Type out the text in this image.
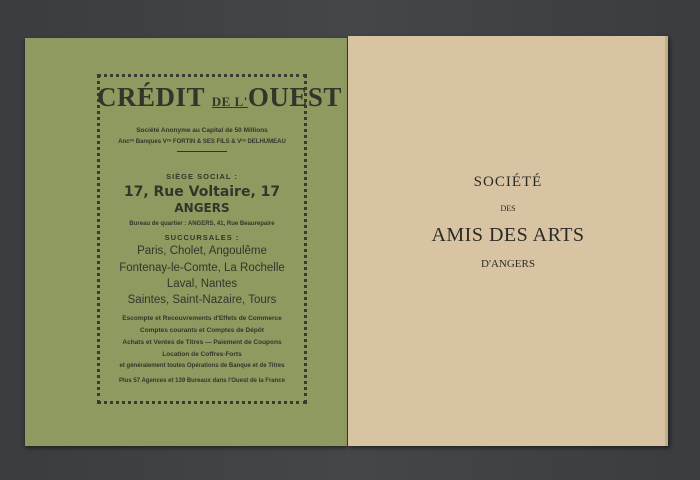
CRÉDIT DE L'OUEST
Société Anonyme au Capital de 50 Millions
Ancᵉˢ Banques Vᶜᵉ FORTIN & SES FILS & Vᶜᵉ DELHUMEAU
SIÈGE SOCIAL :
17, Rue Voltaire, 17
ANGERS
Bureau de quartier : ANGERS, 41, Rue Beaurepaire
SUCCURSALES :
Paris, Cholet, Angoulême
Fontenay-le-Comte, La Rochelle
Laval, Nantes
Saintes, Saint-Nazaire, Tours
Escompte et Recouvrements d'Effets de Commerce
Comptes courants et Comptes de Dépôt
Achats et Ventes de Titres — Paiement de Coupons
Location de Coffres-Forts
et généralement toutes Opérations de Banque et de Titres
Plus 57 Agences et 139 Bureaux dans l'Ouest de la France
SOCIÉTÉ
DES
AMIS DES ARTS
D'ANGERS
